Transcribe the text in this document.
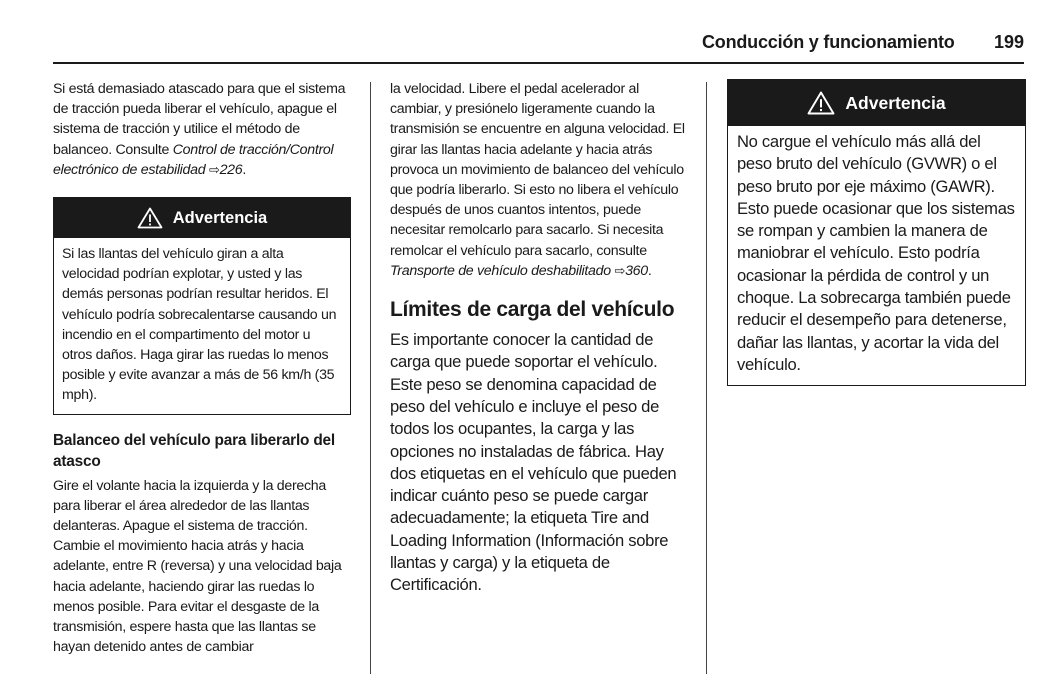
Conducción y funcionamiento 199

Si está demasiado atascado para que el sistema de tracción pueda liberar el vehículo, apague el sistema de tracción y utilice el método de balanceo. Consulte Control de tracción/Control electrónico de estabilidad ⇨226.

Advertencia

Si las llantas del vehículo giran a alta velocidad podrían explotar, y usted y las demás personas podrían resultar heridos. El vehículo podría sobrecalentarse causando un incendio en el compartimento del motor u otros daños. Haga girar las ruedas lo menos posible y evite avanzar a más de 56 km/h (35 mph).

Balanceo del vehículo para liberarlo del atasco

Gire el volante hacia la izquierda y la derecha para liberar el área alrededor de las llantas delanteras. Apague el sistema de tracción. Cambie el movimiento hacia atrás y hacia adelante, entre R (reversa) y una velocidad baja hacia adelante, haciendo girar las ruedas lo menos posible. Para evitar el desgaste de la transmisión, espere hasta que las llantas se hayan detenido antes de cambiar

la velocidad. Libere el pedal acelerador al cambiar, y presiónelo ligeramente cuando la transmisión se encuentre en alguna velocidad. El girar las llantas hacia adelante y hacia atrás provoca un movimiento de balanceo del vehículo que podría liberarlo. Si esto no libera el vehículo después de unos cuantos intentos, puede necesitar remolcarlo para sacarlo. Si necesita remolcar el vehículo para sacarlo, consulte Transporte de vehículo deshabilitado ⇨360.

Límites de carga del vehículo

Es importante conocer la cantidad de carga que puede soportar el vehículo. Este peso se denomina capacidad de peso del vehículo e incluye el peso de todos los ocupantes, la carga y las opciones no instaladas de fábrica. Hay dos etiquetas en el vehículo que pueden indicar cuánto peso se puede cargar adecuadamente; la etiqueta Tire and Loading Information (Información sobre llantas y carga) y la etiqueta de Certificación.

Advertencia

No cargue el vehículo más allá del peso bruto del vehículo (GVWR) o el peso bruto por eje máximo (GAWR). Esto puede ocasionar que los sistemas se rompan y cambien la manera de maniobrar el vehículo. Esto podría ocasionar la pérdida de control y un choque. La sobrecarga también puede reducir el desempeño para detenerse, dañar las llantas, y acortar la vida del vehículo.
